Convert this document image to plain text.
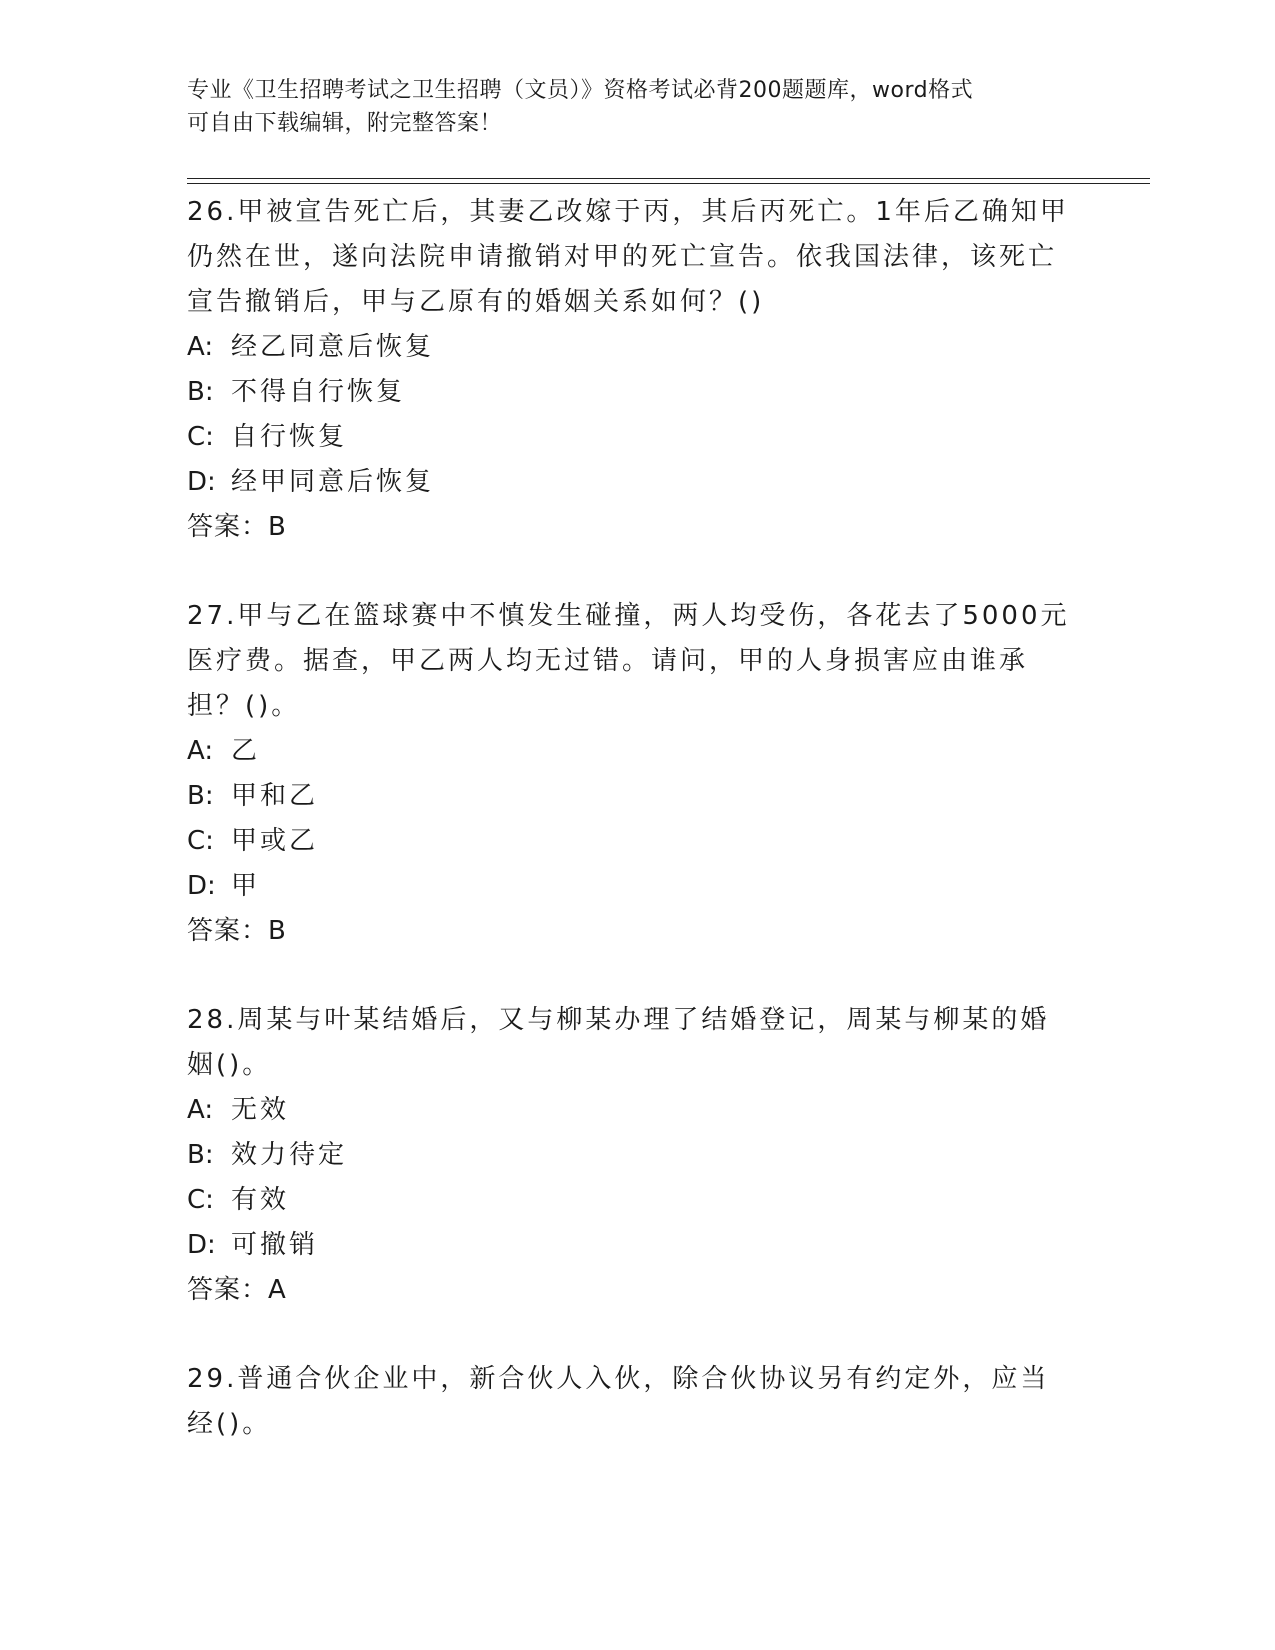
专业《卫生招聘考试之卫生招聘（文员）》资格考试必背200题题库，word格式
可自由下载编辑，附完整答案！

26.甲被宣告死亡后，其妻乙改嫁于丙，其后丙死亡。1年后乙确知甲仍然在世，遂向法院申请撤销对甲的死亡宣告。依我国法律，该死亡宣告撤销后，甲与乙原有的婚姻关系如何？()

A: 经乙同意后恢复

B: 不得自行恢复

C: 自行恢复

D: 经甲同意后恢复

答案：B

27.甲与乙在篮球赛中不慎发生碰撞，两人均受伤，各花去了5000元医疗费。据查，甲乙两人均无过错。请问，甲的人身损害应由谁承担？()。

A: 乙

B: 甲和乙

C: 甲或乙

D: 甲

答案：B

28.周某与叶某结婚后，又与柳某办理了结婚登记，周某与柳某的婚姻()。

A: 无效

B: 效力待定

C: 有效

D: 可撤销

答案：A

29.普通合伙企业中，新合伙人入伙，除合伙协议另有约定外，应当经()。
